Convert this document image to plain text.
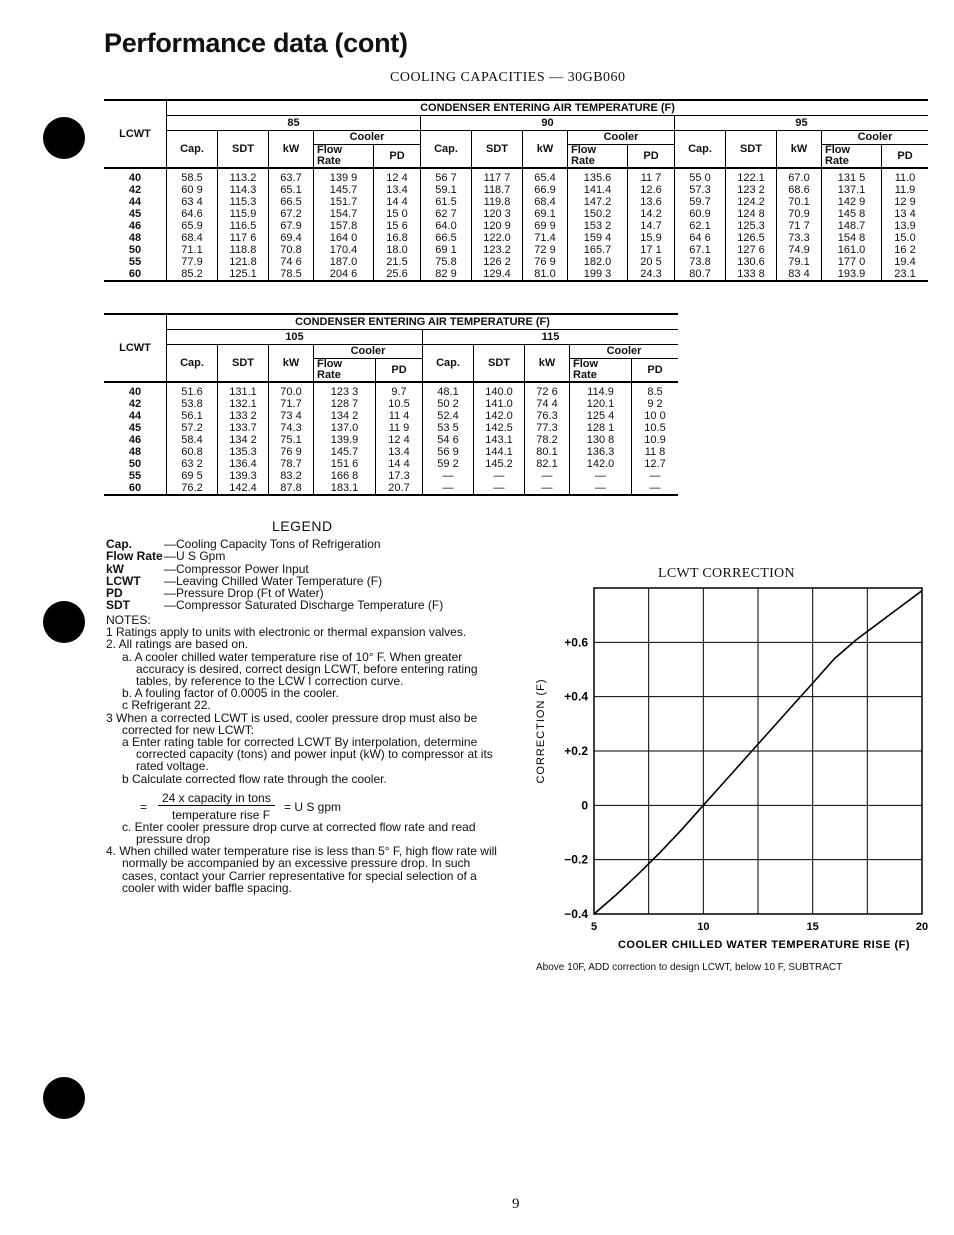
Performance data (cont)
COOLING CAPACITIES — 30GB060
LCWT	CONDENSER ENTERING AIR TEMPERATURE (F)														
	85					90					95				
	Cap.	SDT	kW	Cooler		Cap.	SDT	kW	Cooler		Cap.	SDT	kW	Cooler	
				Flow	PD				Flow	PD				Flow	PD
				Rate					Rate					Rate	
40	58.5	113.2	63.7	139 9	12 4	56 7	117 7	65.4	135.6	11 7	55 0	122.1	67.0	131 5	11.0
42	60 9	114.3	65.1	145.7	13.4	59.1	118.7	66.9	141.4	12.6	57.3	123 2	68.6	137.1	11.9
44	63 4	115.3	66.5	151.7	14 4	61.5	119.8	68.4	147.2	13.6	59.7	124.2	70.1	142 9	12 9
45	64.6	115.9	67.2	154.7	15 0	62 7	120 3	69.1	150.2	14.2	60.9	124 8	70.9	145 8	13 4
46	65.9	116.5	67.9	157.8	15 6	64.0	120 9	69 9	153 2	14.7	62.1	125.3	71 7	148.7	13.9
48	68.4	117 6	69.4	164 0	16.8	66.5	122.0	71.4	159 4	15.9	64 6	126.5	73.3	154 8	15.0
50	71.1	118.8	70.8	170.4	18.0	69 1	123.2	72 9	165.7	17 1	67.1	127 6	74.9	161.0	16 2
55	77.9	121.8	74 6	187.0	21.5	75.8	126 2	76 9	182.0	20 5	73.8	130.6	79.1	177 0	19.4
60	85.2	125.1	78.5	204 6	25.6	82 9	129.4	81.0	199 3	24.3	80.7	133 8	83 4	193.9	23.1
LCWT	CONDENSER ENTERING AIR TEMPERATURE (F)									
	105					115				
	Cap.	SDT	kW	Cooler		Cap.	SDT	kW	Cooler	
				Flow	PD				Flow	PD
				Rate					Rate	
40	51.6	131.1	70.0	123 3	9.7	48.1	140.0	72 6	114.9	8.5
42	53.8	132.1	71.7	128 7	10.5	50 2	141.0	74 4	120.1	9 2
44	56.1	133 2	73 4	134 2	11 4	52.4	142.0	76.3	125 4	10 0
45	57.2	133.7	74.3	137.0	11 9	53 5	142.5	77.3	128 1	10.5
46	58.4	134 2	75.1	139.9	12 4	54 6	143.1	78.2	130 8	10.9
48	60.8	135.3	76 9	145.7	13.4	56 9	144.1	80.1	136.3	11 8
50	63 2	136.4	78.7	151 6	14 4	59 2	145.2	82.1	142.0	12.7
55	69 5	139.3	83.2	166 8	17.3	—	—	—	—	—
60	76.2	142.4	87.8	183.1	20.7	—	—	—	—	—
LEGEND
Cap.	— Cooling Capacity Tons of Refrigeration
Flow Rate — U S Gpm
kW	— Compressor Power Input
LCWT	— Leaving Chilled Water Temperature (F)
PD	— Pressure Drop (Ft of Water)
SDT	— Compressor Saturated Discharge Temperature (F)
NOTES:
1 Ratings apply to units with electronic or thermal expansion valves.
2. All ratings are based on.
a. A cooler chilled water temperature rise of 10° F. When greater accuracy is desired, correct design LCWT, before entering rating tables, by reference to the LCW I correction curve.
b. A fouling factor of 0.0005 in the cooler.
c Refrigerant 22.
3 When a corrected LCWT is used, cooler pressure drop must also be corrected for new LCWT:
a Enter rating table for corrected LCWT By interpolation, determine corrected capacity (tons) and power input (kW) to compressor at its rated voltage.
b Calculate corrected flow rate through the cooler.
c. Enter cooler pressure drop curve at corrected flow rate and read pressure drop
4. When chilled water temperature rise is less than 5° F, high flow rate will normally be accompanied by an excessive pressure drop. In such cases, contact your Carrier representative for special selection of a cooler with wider baffle spacing.
=
24 x capacity in tons
temperature rise F
= U S gpm
LCWT CORRECTION
−0.4
−0.2
0
+0.2
+0.4
+0.6
5	10	15	20
COOLER CHILLED WATER TEMPERATURE RISE (F)
CORRECTION (F)
Above 10F, ADD correction to design LCWT, below 10 F, SUBTRACT
9
